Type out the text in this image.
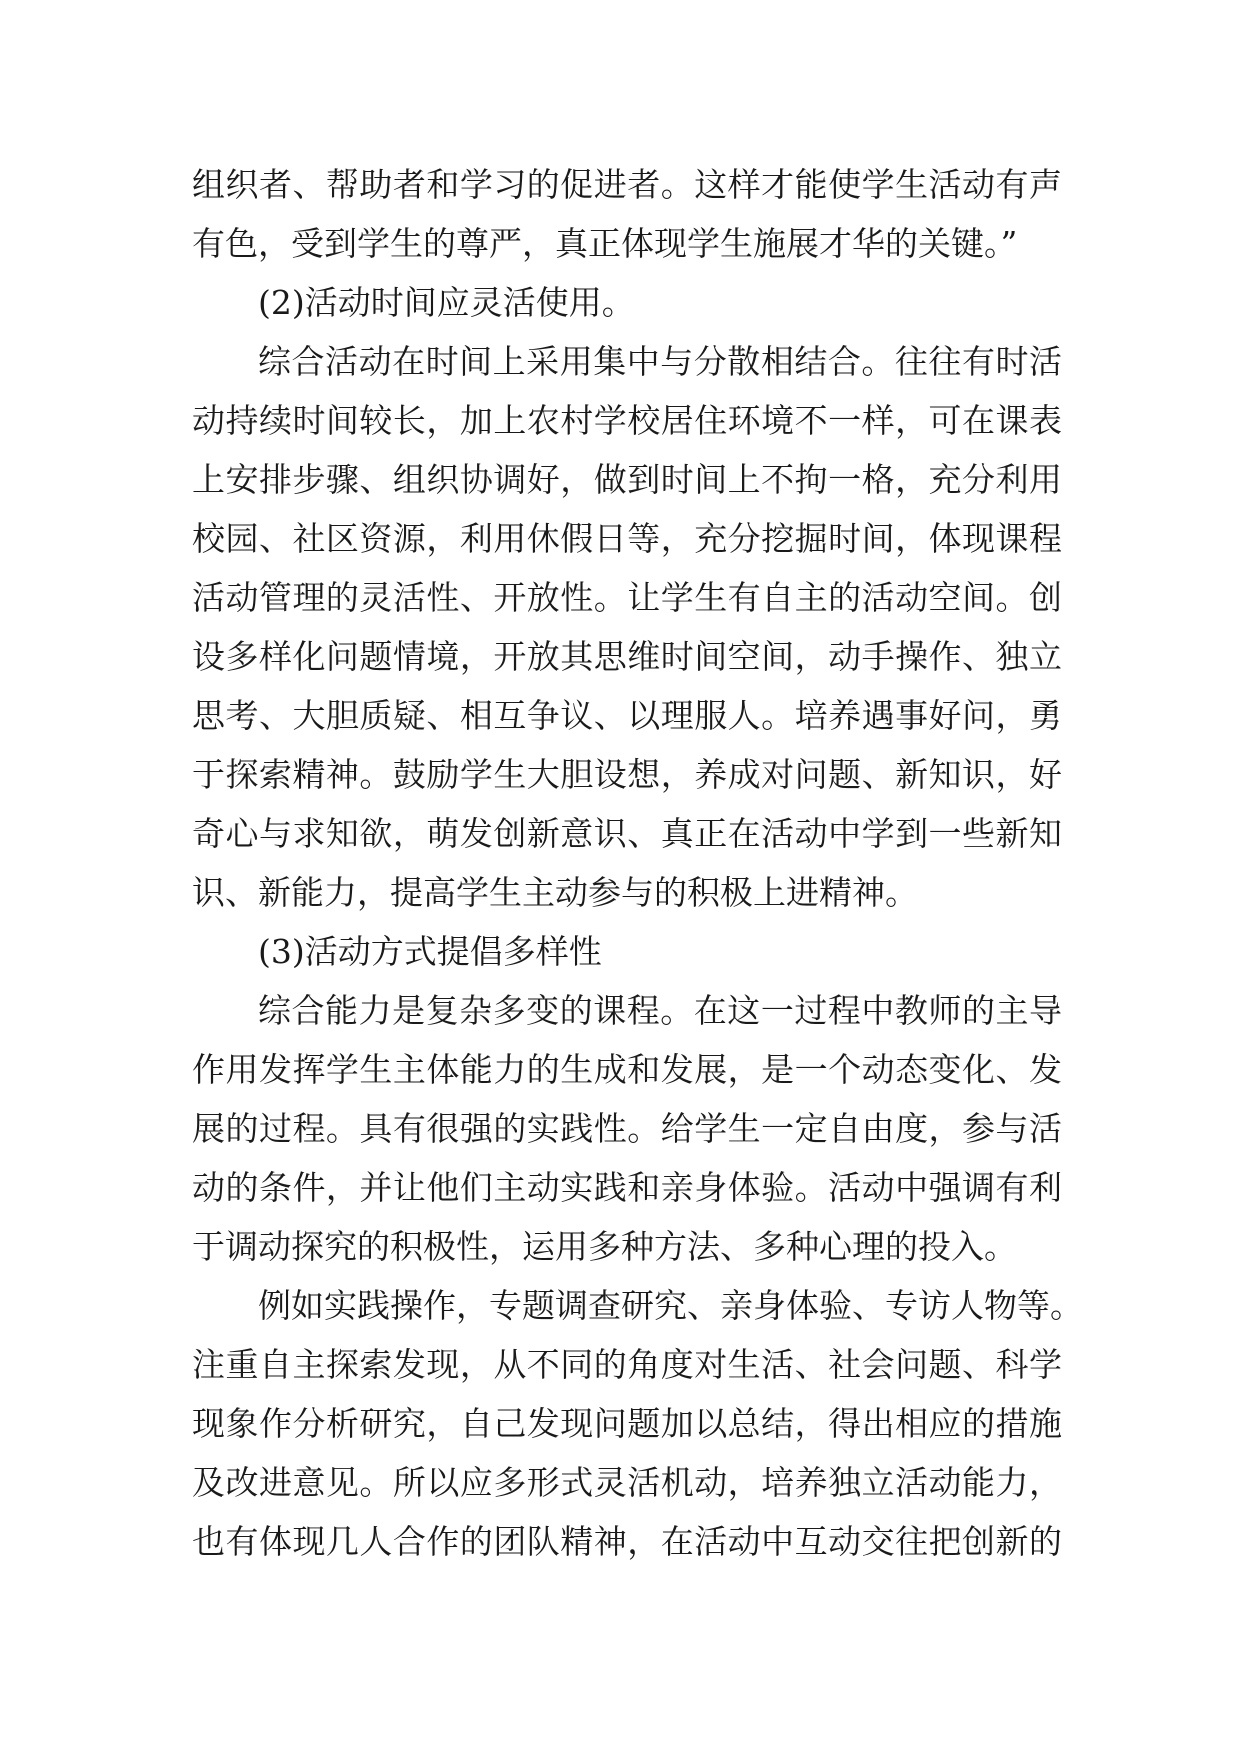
组织者、帮助者和学习的促进者。这样才能使学生活动有声
有色，受到学生的尊严，真正体现学生施展才华的关键。”
(2)活动时间应灵活使用。
综合活动在时间上采用集中与分散相结合。往往有时活
动持续时间较长，加上农村学校居住环境不一样，可在课表
上安排步骤、组织协调好，做到时间上不拘一格，充分利用
校园、社区资源，利用休假日等，充分挖掘时间，体现课程
活动管理的灵活性、开放性。让学生有自主的活动空间。创
设多样化问题情境，开放其思维时间空间，动手操作、独立
思考、大胆质疑、相互争议、以理服人。培养遇事好问，勇
于探索精神。鼓励学生大胆设想，养成对问题、新知识，好
奇心与求知欲，萌发创新意识、真正在活动中学到一些新知
识、新能力，提高学生主动参与的积极上进精神。
(3)活动方式提倡多样性
综合能力是复杂多变的课程。在这一过程中教师的主导
作用发挥学生主体能力的生成和发展，是一个动态变化、发
展的过程。具有很强的实践性。给学生一定自由度，参与活
动的条件，并让他们主动实践和亲身体验。活动中强调有利
于调动探究的积极性，运用多种方法、多种心理的投入。
例如实践操作，专题调查研究、亲身体验、专访人物等。
注重自主探索发现，从不同的角度对生活、社会问题、科学
现象作分析研究，自己发现问题加以总结，得出相应的措施
及改进意见。所以应多形式灵活机动，培养独立活动能力，
也有体现几人合作的团队精神，在活动中互动交往把创新的
